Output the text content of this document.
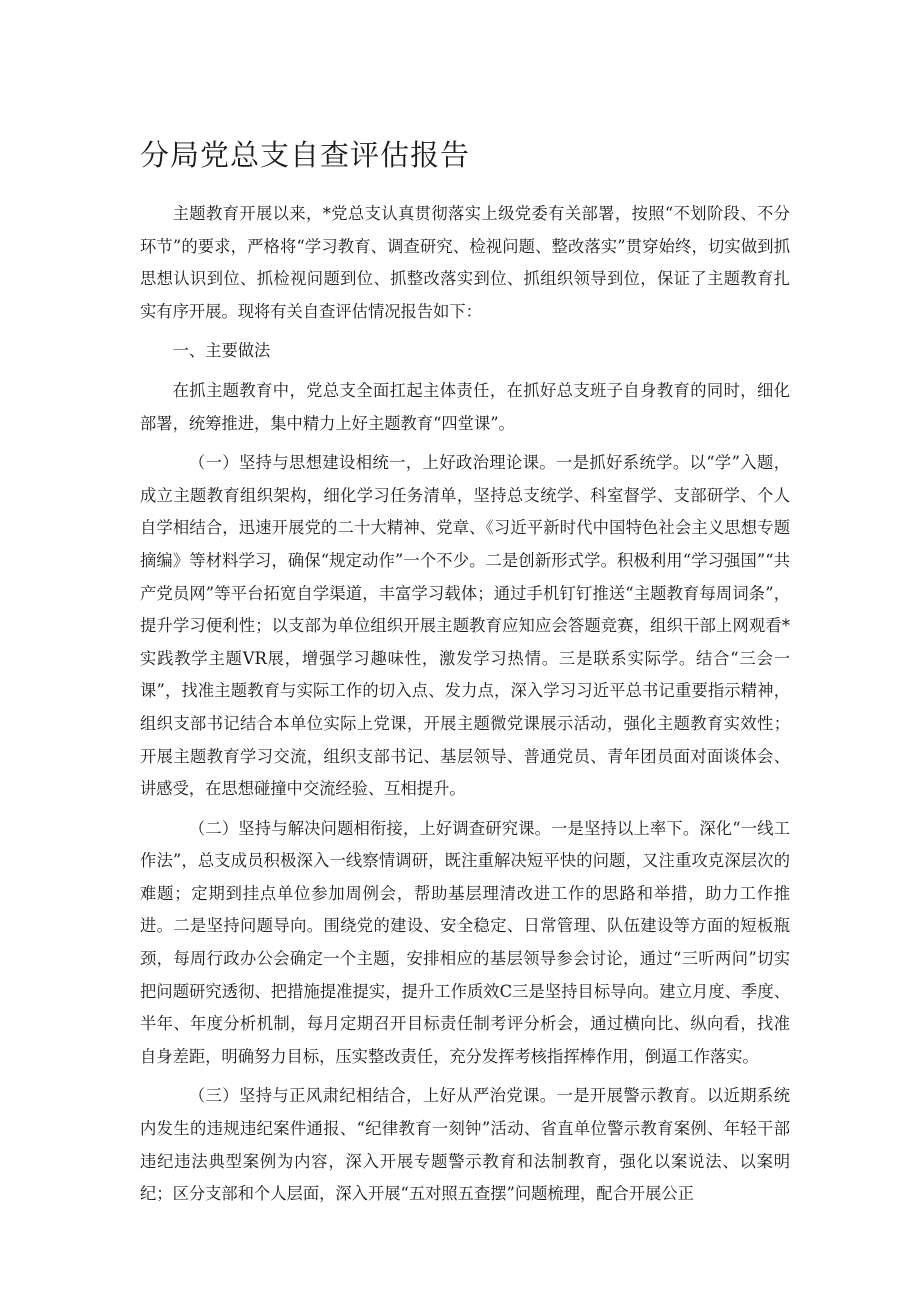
分局党总支自查评估报告

主题教育开展以来，*党总支认真贯彻落实上级党委有关部署，按照“不划阶段、不分环节”的要求，严格将“学习教育、调查研究、检视问题、整改落实”贯穿始终，切实做到抓思想认识到位、抓检视问题到位、抓整改落实到位、抓组织领导到位，保证了主题教育扎实有序开展。现将有关自查评估情况报告如下：

一、主要做法

在抓主题教育中，党总支全面扛起主体责任，在抓好总支班子自身教育的同时，细化部署，统筹推进，集中精力上好主题教育“四堂课”。

（一）坚持与思想建设相统一，上好政治理论课。一是抓好系统学。以“学”入题，成立主题教育组织架构，细化学习任务清单，坚持总支统学、科室督学、支部研学、个人自学相结合，迅速开展党的二十大精神、党章、《习近平新时代中国特色社会主义思想专题摘编》等材料学习，确保“规定动作”一个不少。二是创新形式学。积极利用“学习强国”“共产党员网”等平台拓宽自学渠道，丰富学习载体；通过手机钉钉推送“主题教育每周词条”，提升学习便利性；以支部为单位组织开展主题教育应知应会答题竞赛，组织干部上网观看*实践教学主题VR展，增强学习趣味性，激发学习热情。三是联系实际学。结合“三会一课”，找准主题教育与实际工作的切入点、发力点，深入学习习近平总书记重要指示精神，组织支部书记结合本单位实际上党课，开展主题微党课展示活动，强化主题教育实效性；开展主题教育学习交流，组织支部书记、基层领导、普通党员、青年团员面对面谈体会、讲感受，在思想碰撞中交流经验、互相提升。

（二）坚持与解决问题相衔接，上好调查研究课。一是坚持以上率下。深化“一线工作法”，总支成员积极深入一线察情调研，既注重解决短平快的问题，又注重攻克深层次的难题；定期到挂点单位参加周例会，帮助基层理清改进工作的思路和举措，助力工作推进。二是坚持问题导向。围绕党的建设、安全稳定、日常管理、队伍建设等方面的短板瓶颈，每周行政办公会确定一个主题，安排相应的基层领导参会讨论，通过“三听两问”切实把问题研究透彻、把措施提准提实，提升工作质效C三是坚持目标导向。建立月度、季度、半年、年度分析机制，每月定期召开目标责任制考评分析会，通过横向比、纵向看，找准自身差距，明确努力目标，压实整改责任，充分发挥考核指挥棒作用，倒逼工作落实。

（三）坚持与正风肃纪相结合，上好从严治党课。一是开展警示教育。以近期系统内发生的违规违纪案件通报、“纪律教育一刻钟”活动、省直单位警示教育案例、年轻干部违纪违法典型案例为内容，深入开展专题警示教育和法制教育，强化以案说法、以案明纪；区分支部和个人层面，深入开展“五对照五查摆”问题梳理，配合开展公正
